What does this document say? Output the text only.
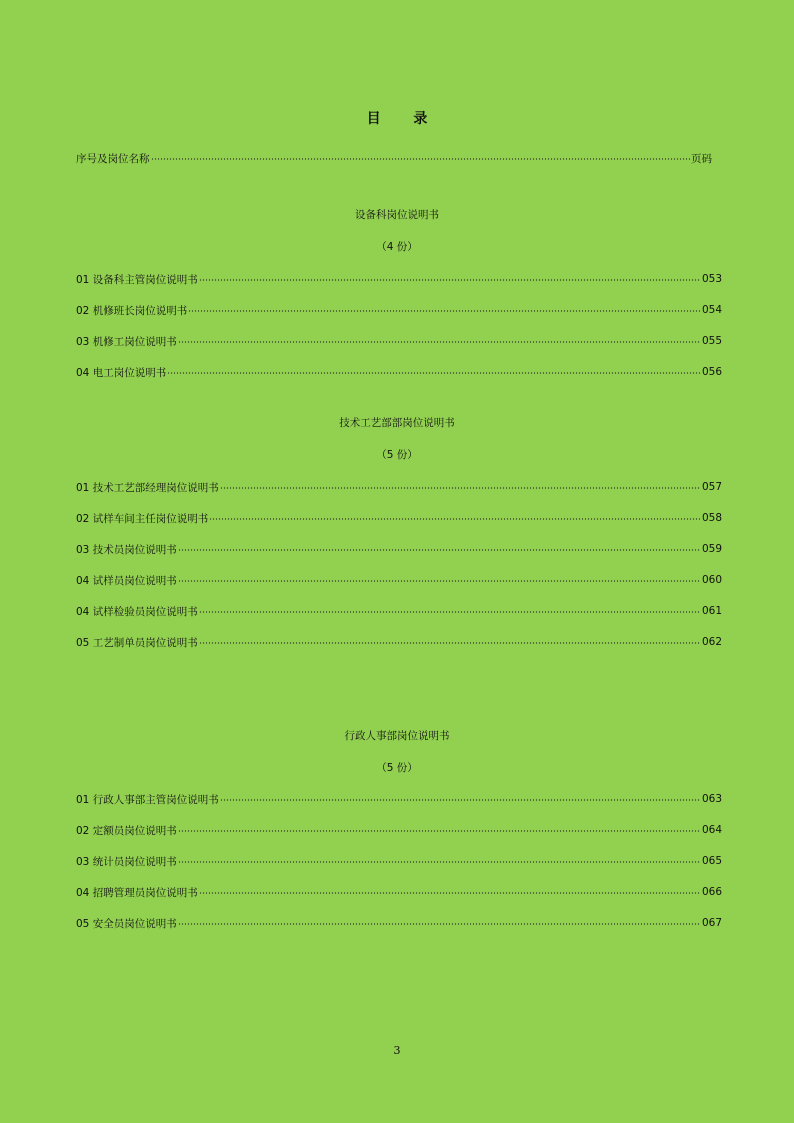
目 录
序号及岗位名称	页码
设备科岗位说明书
（4 份）
01 设备科主管岗位说明书	053
02 机修班长岗位说明书	054
03 机修工岗位说明书	055
04 电工岗位说明书	056
技术工艺部部岗位说明书
（5 份）
01 技术工艺部经理岗位说明书	057
02 试样车间主任岗位说明书	058
03 技术员岗位说明书	059
04 试样员岗位说明书	060
04 试样检验员岗位说明书	061
05 工艺制单员岗位说明书	062
行政人事部岗位说明书
（5 份）
01 行政人事部主管岗位说明书	063
02 定额员岗位说明书	064
03 统计员岗位说明书	065
04 招聘管理员岗位说明书	066
05 安全员岗位说明书	067
3
